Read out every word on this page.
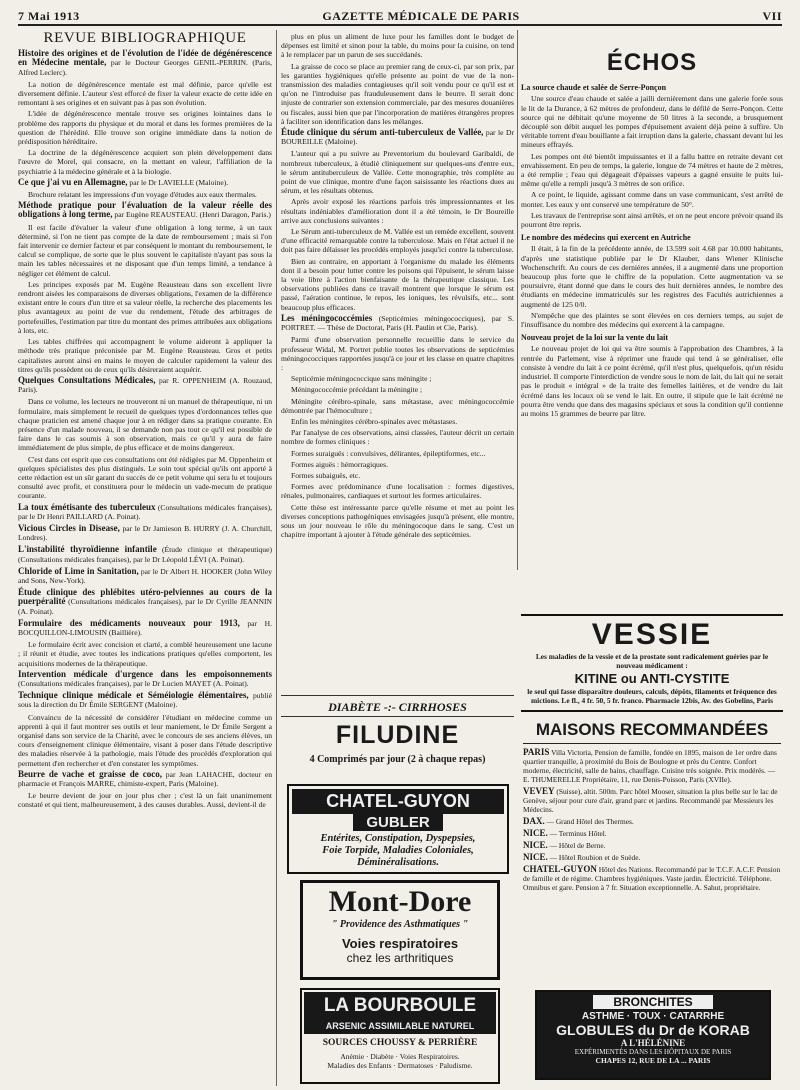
7 Mai 1913	GAZETTE MÉDICALE DE PARIS	VII
REVUE BIBLIOGRAPHIQUE
Histoire des origines et de l'évolution de l'idée de dégénérescence en Médecine mentale, par le Docteur Georges GENIL-PERRIN. (Paris, Alfred Leclerc).

La notion de dégénérescence mentale est mal définie, parce qu'elle est diversement définie. L'auteur s'est efforcé de fixer la valeur exacte de cette idée en remontant à ses origines et en suivant pas à pas son évolution.

L'idée de dégénérescence mentale trouve ses origines lointaines dans le problème des rapports du physique et du moral et dans les formes premières de la question de l'hérédité. Elle trouve son origine immédiate dans la notion de prédisposition héréditaire.

La doctrine de la dégénérescence acquiert son plein développement dans l'œuvre de Morel, qui consacre, en la mettant en valeur, l'affiliation de la psychiatrie à la médecine générale et à la biologie.

Ce que j'ai vu en Allemagne, par le Dr LAVIELLE (Maloine).

Brochure relatant les impressions d'un voyage d'études aux eaux thermales.

Méthode pratique pour l'évaluation de la valeur réelle des obligations à long terme, par Eugène REAUSTEAU. (Henri Daragon, Paris.)

Il est facile d'évaluer la valeur d'une obligation à long terme, à un taux déterminé, si l'on ne tient pas compte de la date de remboursement ; mais si l'on fait intervenir ce dernier facteur et par conséquent le montant du remboursement, le calcul se complique, de sorte que le plus souvent le capitaliste n'ayant pas sous la main les tables nécessaires et ne disposant que d'un temps limité, a tendance à négliger cet élément de calcul.

Les principes exposés par M. Eugène Reausteau dans son excellent livre rendront aisées les comparaisons de diverses obligations, l'examen de la différence existant entre le cours d'un titre et sa valeur réelle, la recherche des placements les plus avantageux au point de vue du rendement, l'étude des arbitrages de portefeuilles, l'estimation par titre du montant des primes attribuées aux obligations à lots, etc.

Les tables chiffrées qui accompagnent le volume aideront à appliquer la méthode très pratique préconisée par M. Eugène Reausteau. Gros et petits capitalistes auront ainsi en mains le moyen de calculer rapidement la valeur des titres qu'ils possèdent ou de ceux qu'ils désireraient acquérir.

Quelques Consultations Médicales, par R. OPPENHEIM (A. Rouzaud, Paris).

Dans ce volume, les lecteurs ne trouveront ni un manuel de thérapeutique, ni un formulaire, mais simplement le recueil de quelques types d'ordonnances telles que chaque praticien est amené chaque jour à en rédiger dans sa pratique courante. En présence d'un malade nouveau, il se demande non pas tout ce qu'il est possible de faire dans le cas soumis à son observation, mais ce qu'il y aura de faire immédiatement de plus simple, de plus efficace et de moins dangereux.

C'est dans cet esprit que ces consultations ont été rédigées par M. Oppenheim et quelques spécialistes des plus distingués. Le soin tout spécial qu'ils ont apporté à cette rédaction est un sûr garant du succès de ce petit volume qui sera lu et toujours consulté avec profit, et constituera pour le médecin un vade-mecum de pratique courante.

La toux émétisante des tuberculeux (Consultations médicales françaises), par le Dr Henri PAILLARD (A. Poinat).
Vicious Circles in Disease, par le Dr Jamieson B. HURRY (J. A. Churchill, Londres).
L'instabilité thyroïdienne infantile (Étude clinique et thérapeutique) (Consultations médicales françaises), par le Dr Léopold LÉVI (A. Poinat).
Chloride of Lime in Sanitation, par le Dr Albert H. HOOKER (John Wiley and Sons, New-York).
Étude clinique des phlébites utéro-pelviennes au cours de la puerpéralité (Consultations médicales françaises), par le Dr Cyrille JEANNIN (A. Poinat).
Formulaire des médicaments nouveaux pour 1913, par H. BOCQUILLON-LIMOUSIN (Baillière).

Le formulaire écrit avec concision et clarté, a comblé heureusement une lacune ; il réunit et étudie, avec toutes les indications pratiques qu'elles comportent, les acquisitions modernes de la thérapeutique.

Intervention médicale d'urgence dans les empoisonnements (Consultations médicales françaises), par le Dr Lucien MAYET (A. Poinat).
Technique clinique médicale et Séméiologie élémentaires, publié sous la direction du Dr Émile SERGENT (Maloine).

Convaincu de la nécessité de considérer l'étudiant en médecine comme un apprenti à qui il faut montrer ses outils et leur maniement, le Dr Émile Sergent a organisé dans son service de la Charité, avec le concours de ses anciens élèves, un cours d'enseignement clinique élémentaire, visant à poser dans l'étude descriptive des maladies réservée à la pathologie, mais l'étude des procédés d'exploration qui permettent d'en rechercher et d'en constater les symptômes.

Beurre de vache et graisse de coco, par Jean LAHACHE, docteur en pharmacie et François MARRE, chimiste-expert, Paris (Maloine).

Le beurre devient de jour en jour plus cher ; c'est là un fait unanimement constaté et qui tient, malheureusement, à des causes durables. Aussi, devient-il de

plus en plus un aliment de luxe pour les familles dont le budget de dépenses est limité et sinon pour la table, du moins pour la cuisine, on tend à le remplacer par un parun de ses succédanés.

La graisse de coco se place au premier rang de ceux-ci, par son prix, par les garanties hygiéniques qu'elle présente au point de vue de la non-transmission des maladies contagieuses qu'il soit vendu pour ce qu'il est et qu'on ne l'introduise pas frauduleusement dans le beurre. Il serait donc injuste de contrarier son extension commerciale, par des mesures douanières ou fiscales, aussi bien que par l'incorporation de matières étrangères propres à faciliter son identification dans les mélanges.

Étude clinique du sérum anti-tuberculeux de Vallée, par le Dr BOUREILLE (Maloine).

L'auteur qui a pu suivre au Preventorium du boulevard Garibaldi, de nombreux tuberculeux, à étudié cliniquement sur quelques-uns d'entre eux, le sérum antituberculeux de Vallée. Cette monographie, très complète au point de vue clinique, montre d'une façon saisissante les réactions dues au sérum, et les résultats obtenus.

Après avoir exposé les réactions parfois très impressionnantes et les résultats indéniables d'amélioration dont il a été témoin, le Dr Boureille arrive aux conclusions suivantes :

Le Sérum anti-tuberculeux de M. Vallée est un remède excellent, souvent d'une efficacité remarquable contre la tuberculose. Mais en l'état actuel il ne doit pas faire délaisser les procédés employés jusqu'ici contre la tuberculose.

Bien au contraire, en apportant à l'organisme du malade les éléments dont il a besoin pour lutter contre les poisons qui l'épuisent, le sérum laisse la voie libre à l'action bienfaisante de la thérapeutique classique. Les observations publiées dans ce travail montrent que lorsque le sérum est passé, l'aération continue, le repos, les ioniques, les révulsifs, etc... sont beaucoup plus efficaces.

Les méningococcémies (Septicémies méningococciques), par S. PORTRET. — Thèse de Doctorat, Paris (H. Paulin et Cie, Paris).

Parmi d'une observation personnelle recueillie dans le service du professeur Widal, M. Portret publie toutes les observations de septicémies méningococciques rapportées jusqu'à ce jour et les classe en quatre chapitres :

Septicémie méningococcique sans méningite ;

Méningococcémie précédant la méningite ;

Méningite cérébro-spinale, sans métastase, avec méningococcémie démontrée par l'hémoculture ;

Enfin les méningites cérébro-spinales avec métastases.

Par l'analyse de ces observations, ainsi classées, l'auteur décrit un certain nombre de formes cliniques :

Formes suraiguës : convulsives, délirantes, épileptiformes, etc...

Formes aiguës : hémorragiques.

Formes subaiguës, etc.

Formes avec prédominance d'une localisation : formes digestives, rénales, pulmonaires, cardiaques et surtout les formes articulaires.

Cette thèse est intéressante parce qu'elle résume et met au point les diverses conceptions pathogéniques envisagées jusqu'à présent, elle montre, sous un jour nouveau le rôle du méningocoque dans le sang. C'est un chapitre important à ajouter à l'étude générale des septicémies.

ÉCHOS
La source chaude et salée de Serre-Ponçon

Une source d'eau chaude et salée a jailli dernièrement dans une galerie forée sous le lit de la Durance, à 62 mètres de profondeur, dans le défilé de Serre-Ponçon. Cette source qui ne débitait qu'une moyenne de 50 litres à la seconde, a brusquement découplé son débit auquel les pompes d'épuisement avaient déjà peine à suffire. Un véritable torrent d'eau bouillante a fait irruption dans la galerie, chassant devant lui les mineurs effrayés.

Les pompes ont été bientôt impuissantes et il a fallu battre en retraite devant cet envahissement. En peu de temps, la galerie, longue de 74 mètres et haute de 2 mètres, a été remplie ; l'eau qui dégageait d'épaisses vapeurs a gagné ensuite le puits lui-même qu'elle a rempli jusqu'à 3 mètres de son orifice.

A ce point, le liquide, agissant comme dans un vase communicant, s'est arrêté de monter. Les eaux y ont conservé une température de 50°.

Les travaux de l'entreprise sont ainsi arrêtés, et on ne peut encore prévoir quand ils pourront être repris.

Le nombre des médecins qui exercent en Autriche

Il était, à la fin de la précédente année, de 13.599 soit 4.68 par 10.000 habitants, d'après une statistique publiée par le Dr Klauber, dans Wiener Klinische Wochenschrift. Au cours de ces dernières années, il a augmenté dans une proportion beaucoup plus forte que le chiffre de la population. Cette augmentation va se poursuivre, étant donné que dans le cours des huit dernières années, le nombre des étudiants en médecine immatriculés sur les registres des Facultés autrichiennes a augmenté de 125 0/0.

N'empêche que des plaintes se sont élevées en ces derniers temps, au sujet de l'insuffisance du nombre des médecins qui exercent à la campagne.

Nouveau projet de la loi sur la vente du lait

Le nouveau projet de loi qui va être soumis à l'approbation des Chambres, à la rentrée du Parlement, vise à réprimer une fraude qui tend à se généraliser, elle consiste à vendre du lait à ce point écrémé, qu'il n'est plus, quelquefois, qu'un résidu industriel. Il comporte l'interdiction de vendre sous le nom de lait, du lait qui ne serait pas le produit « intégral » de la traite des femelles laitières, et de vendre du lait écrémé dans les locaux où se vend le lait. En outre, il stipule que le lait écrémé ne pourra être vendu que dans des magasins spéciaux et sous la condition qu'il contienne au moins 15 grammes de beurre par litre.

DIABÈTE -:- CIRRHOSES
FILUDINE
4 Comprimés par jour (2 à chaque repas)
CHATEL-GUYON
GUBLER
Entérites, Constipation, Dyspepsies,
Foie Torpide, Maladies Coloniales,
Déminéralisations.
Mont-Dore
" Providence des Asthmatiques "
Voies respiratoires
chez les arthritiques
LA BOURBOULE
ARSENIC ASSIMILABLE NATUREL
SOURCES CHOUSSY & PERRIÈRE
Anémie · Diabète · Voies Respiratoires.
Maladies des Enfants · Dermatoses · Paludisme.
VESSIE
Les maladies de la vessie et de la prostate sont radicalement guéries par le nouveau médicament :
KITINE ou ANTI-CYSTITE
le seul qui fasse disparaître douleurs, calculs, dépôts, filaments et fréquence des mictions. Le fl., 4 fr. 50, 5 fr. franco. Pharmacie 12bis, Av. des Gobelins, Paris
MAISONS RECOMMANDÉES
PARIS Villa Victoria, Pension de famille, fondée en 1895, maison de 1er ordre dans quartier tranquille, à proximité du Bois de Boulogne et près du Centre. Confort moderne, électricité, salle de bains, chauffage. Cuisine très soignée. Prix modérés. — E. THUMERELLE Propriétaire, 11, rue Denis-Poisson, Paris (XVIIe).
VEVEY (Suisse), altit. 500m. Parc hôtel Mooser, situation la plus belle sur le lac de Genève, séjour pour cure d'air, grand parc et jardins. Recommandé par Messieurs les Médecins.
DAX. — Grand Hôtel des Thermes.
NICE. — Terminus Hôtel.
NICE. — Hôtel de Berne.
NICE. — Hôtel Roubion et de Suède.
CHATEL-GUYON Hôtel des Nations. Recommandé par le T.C.F. A.C.F. Pension de famille et de régime. Chambres hygiéniques. Vaste jardin. Électricité. Téléphone. Omnibus et gare. Pension à 7 fr. Situation exceptionnelle. A. Sahut, propriétaire.
BRONCHITES
ASTHME · TOUX · CATARRHE
GLOBULES du Dr de KORAB
A L'HÉLÉNINE
EXPÉRIMENTÉS DANS LES HÔPITAUX DE PARIS
CHAPES 12, RUE DE LA ... PARIS
